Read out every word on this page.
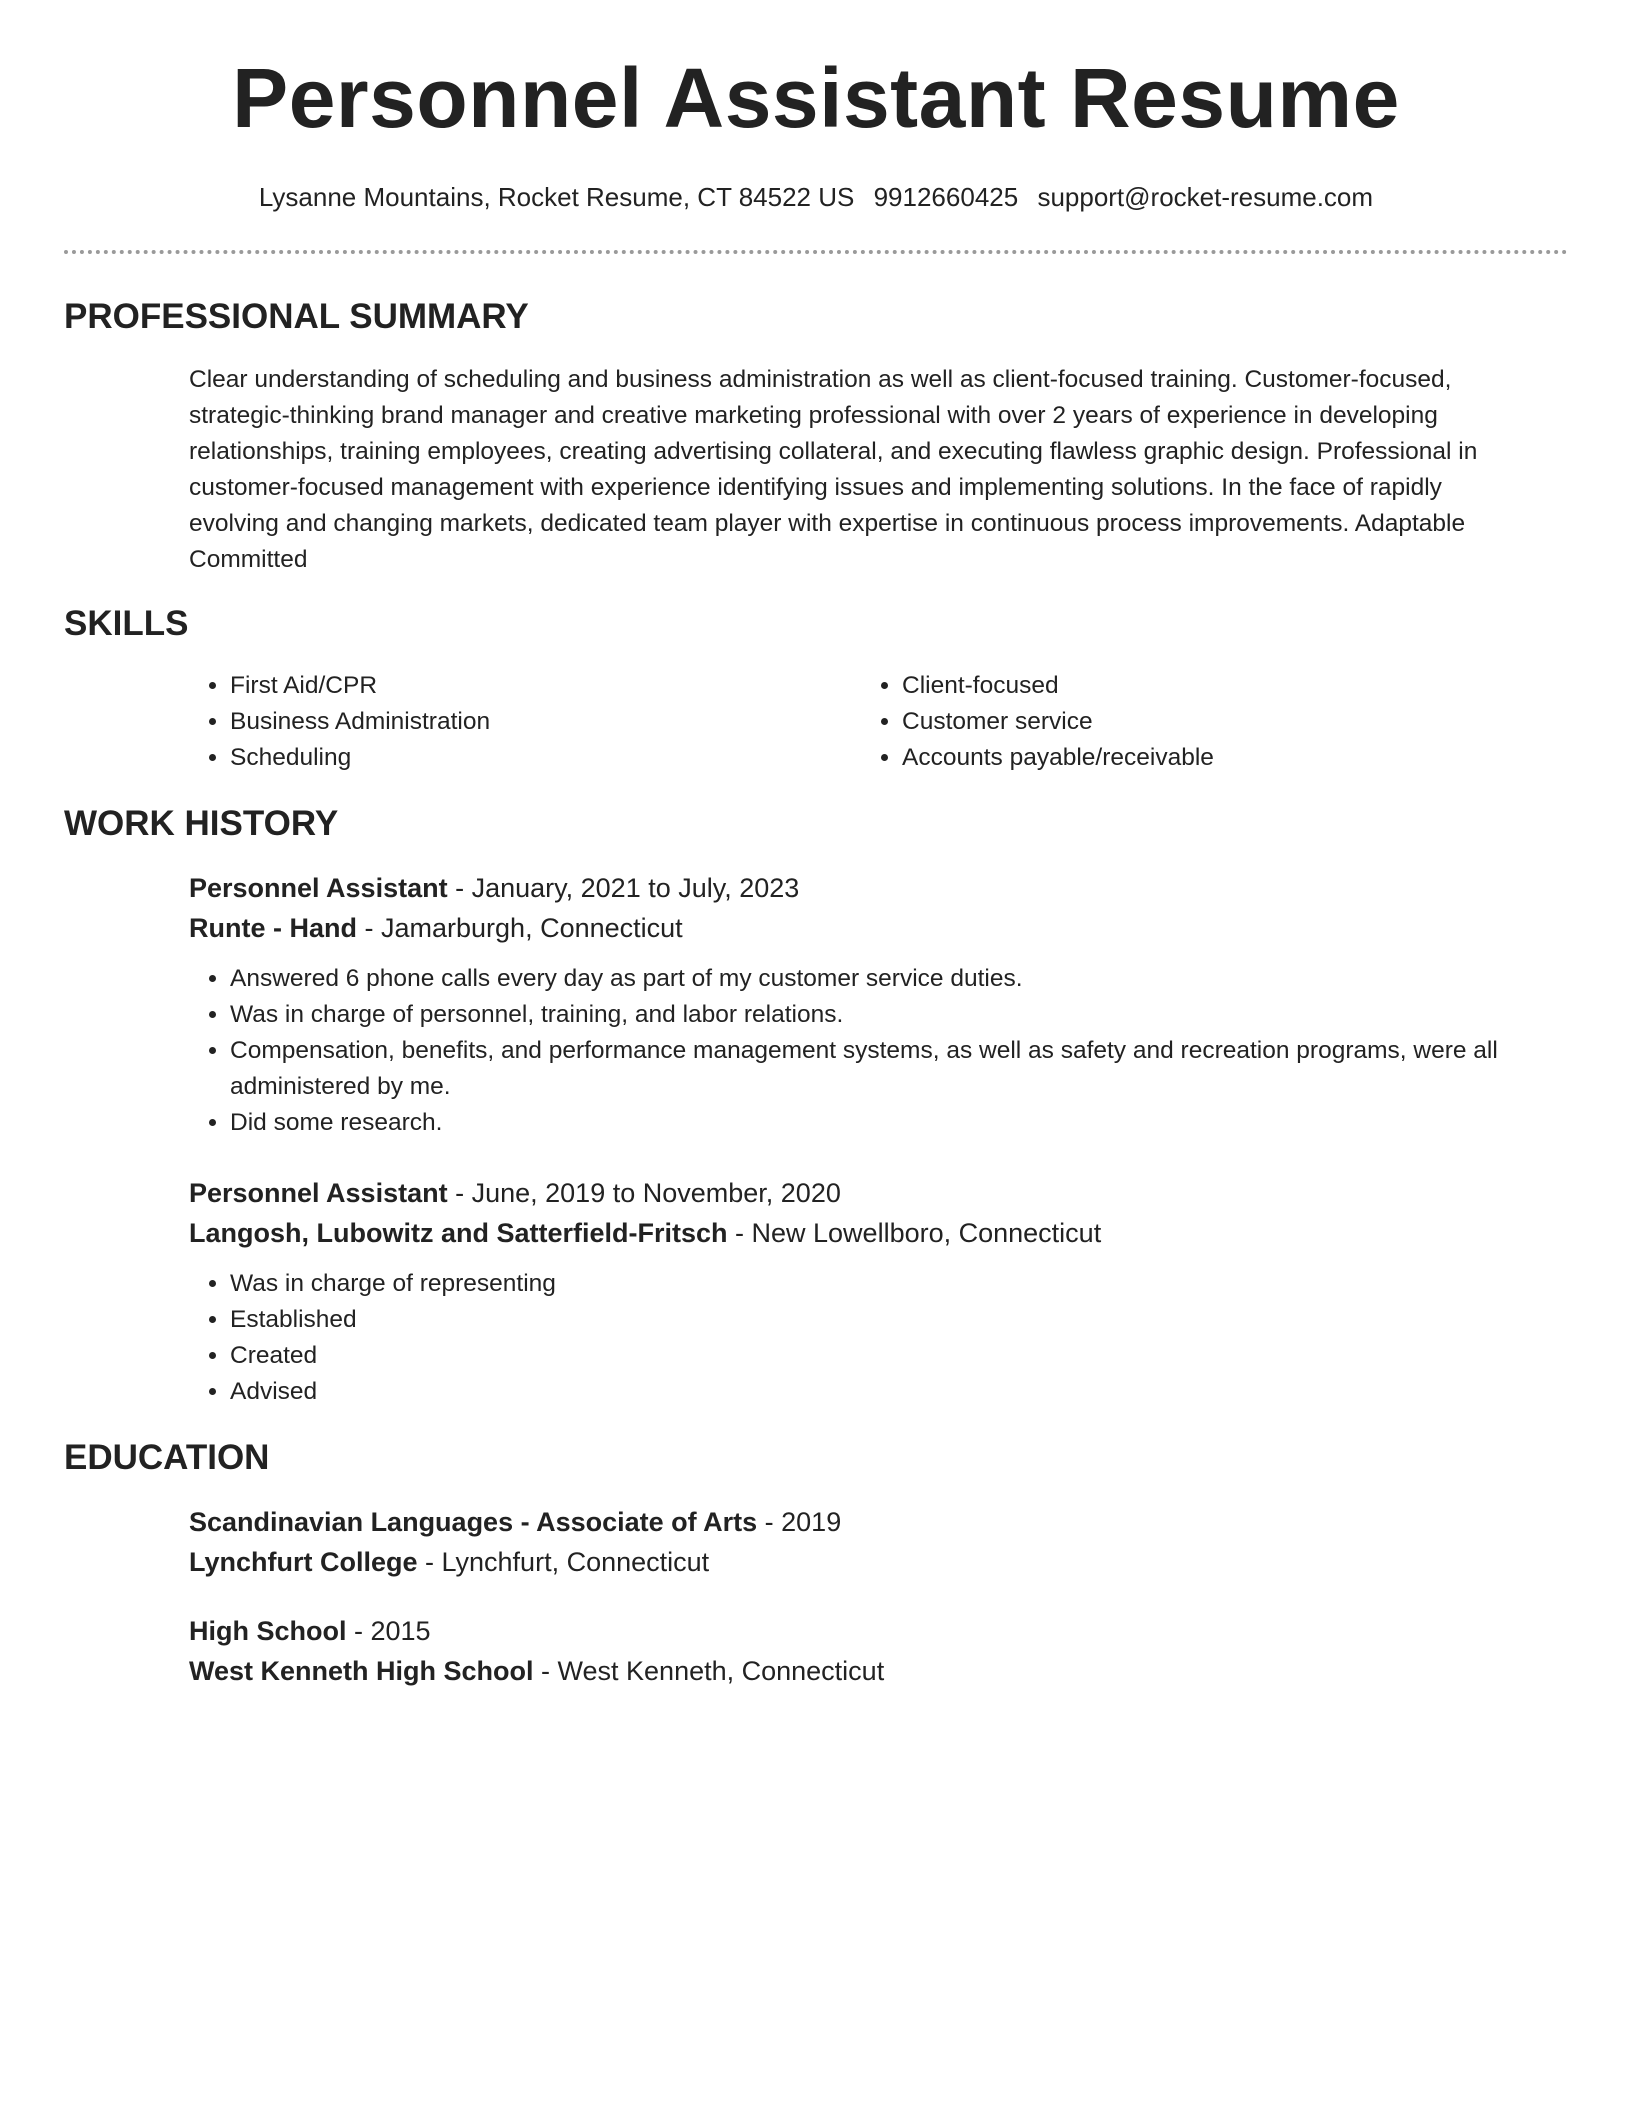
Personnel Assistant Resume
Lysanne Mountains, Rocket Resume, CT 84522 US 9912660425 support@rocket-resume.com
PROFESSIONAL SUMMARY
Clear understanding of scheduling and business administration as well as client-focused training. Customer-focused, strategic-thinking brand manager and creative marketing professional with over 2 years of experience in developing relationships, training employees, creating advertising collateral, and executing flawless graphic design. Professional in customer-focused management with experience identifying issues and implementing solutions. In the face of rapidly evolving and changing markets, dedicated team player with expertise in continuous process improvements. Adaptable Committed
SKILLS
• First Aid/CPR
• Business Administration
• Scheduling
• Client-focused
• Customer service
• Accounts payable/receivable
WORK HISTORY
Personnel Assistant - January, 2021 to July, 2023
Runte - Hand - Jamarburgh, Connecticut
• Answered 6 phone calls every day as part of my customer service duties.
• Was in charge of personnel, training, and labor relations.
• Compensation, benefits, and performance management systems, as well as safety and recreation programs, were all administered by me.
• Did some research.
Personnel Assistant - June, 2019 to November, 2020
Langosh, Lubowitz and Satterfield-Fritsch - New Lowellboro, Connecticut
• Was in charge of representing
• Established
• Created
• Advised
EDUCATION
Scandinavian Languages - Associate of Arts - 2019
Lynchfurt College - Lynchfurt, Connecticut
High School - 2015
West Kenneth High School - West Kenneth, Connecticut
